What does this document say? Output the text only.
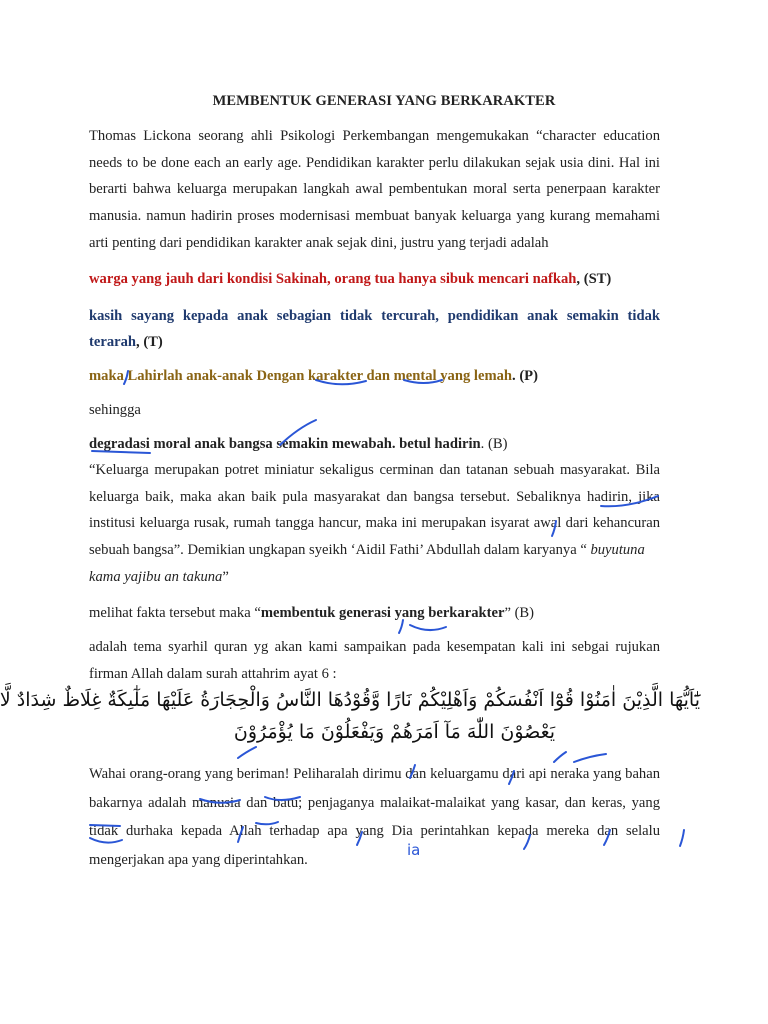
MEMBENTUK GENERASI YANG BERKARAKTER
Thomas Lickona seorang ahli Psikologi Perkembangan mengemukakan “character education
needs to be done each an early age. Pendidikan karakter perlu dilakukan sejak usia dini. Hal ini
berarti bahwa keluarga merupakan langkah awal pembentukan moral serta penerpaan karakter
manusia. namun hadirin proses modernisasi membuat banyak keluarga yang kurang memahami
arti penting dari pendidikan karakter anak sejak dini, justru yang terjadi adalah
warga yang jauh dari kondisi Sakinah, orang tua hanya sibuk mencari nafkah, (ST)
kasih sayang kepada anak sebagian tidak tercurah, pendidikan anak semakin tidak
terarah, (T)
maka Lahirlah anak-anak Dengan karakter dan mental yang lemah. (P)
sehingga
degradasi moral anak bangsa semakin mewabah. betul hadirin. (B)
“Keluarga merupakan potret miniatur sekaligus cerminan dan tatanan sebuah masyarakat. Bila
keluarga baik, maka akan baik pula masyarakat dan bangsa tersebut. Sebaliknya hadirin, jika
institusi keluarga rusak, rumah tangga hancur, maka ini merupakan isyarat awal dari kehancuran
sebuah bangsa”. Demikian ungkapan syeikh ‘Aidil Fathi’ Abdullah dalam karyanya “ buyutuna
kama yajibu an takuna”
melihat fakta tersebut maka “membentuk generasi yang berkarakter” (B)
adalah tema syarhil quran yg akan kami sampaikan pada kesempatan kali ini sebgai rujukan
firman Allah dalam surah attahrim ayat 6 :
يَٰٓاَيُّهَا الَّذِيْنَ اٰمَنُوْا قُوْٓا اَنْفُسَكُمْ وَاَهْلِيْكُمْ نَارًا وَّقُوْدُهَا النَّاسُ وَالْحِجَارَةُ عَلَيْهَا مَلٰٓىِكَةٌ غِلَاظٌ شِدَادٌ لَّا
يَعْصُوْنَ اللّٰهَ مَآ اَمَرَهُمْ وَيَفْعَلُوْنَ مَا يُؤْمَرُوْنَ
Wahai orang-orang yang beriman! Peliharalah dirimu dan keluargamu dari api neraka yang bahan
bakarnya adalah manusia dan batu; penjaganya malaikat-malaikat yang kasar, dan keras, yang
tidak durhaka kepada Allah terhadap apa yang Dia perintahkan kepada mereka dan selalu
mengerjakan apa yang diperintahkan.
ia
